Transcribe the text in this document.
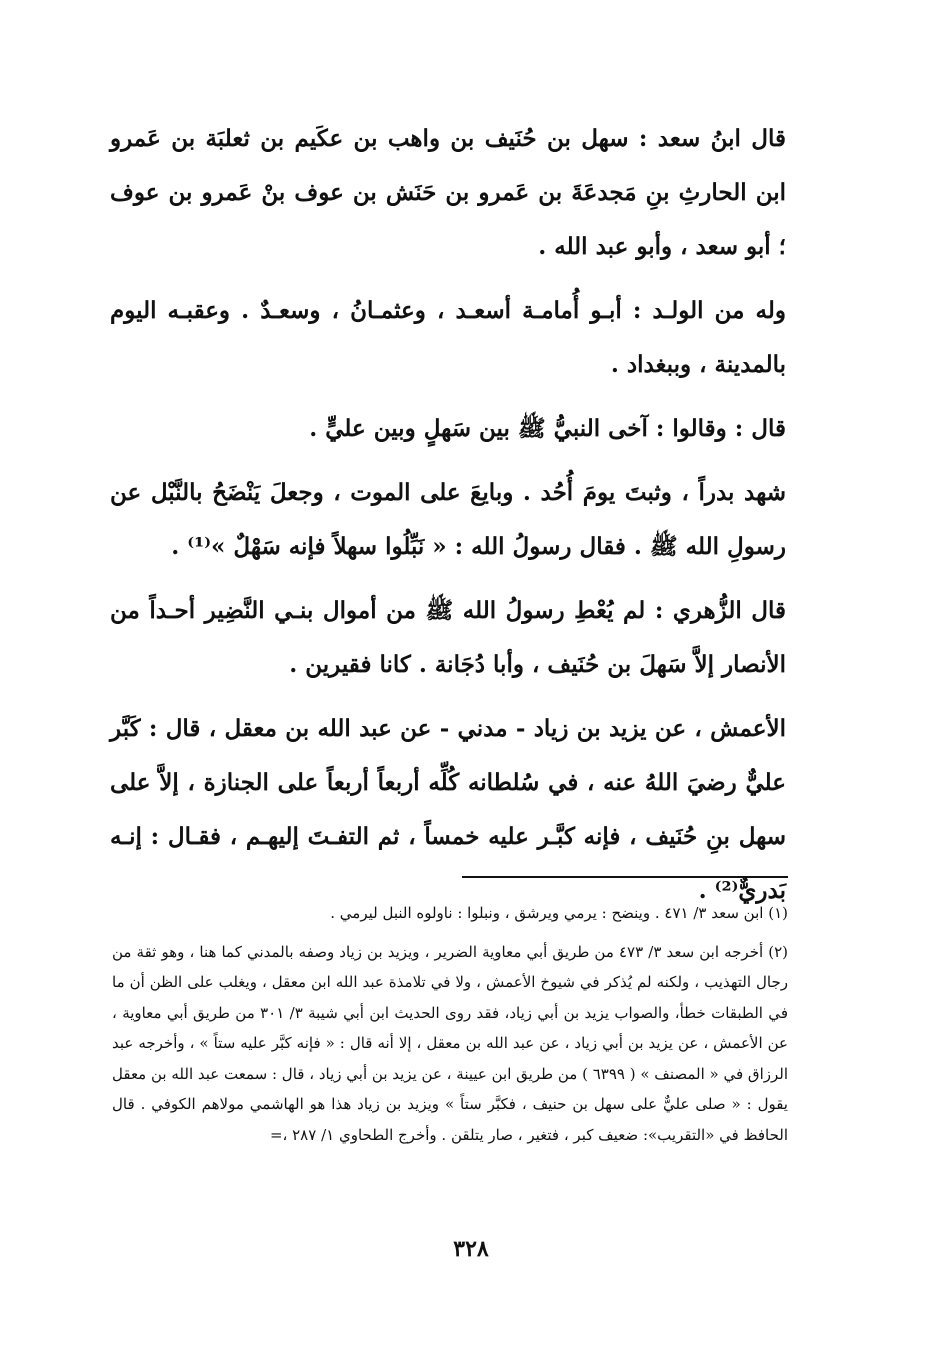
قال ابنُ سعد : سهل بن حُنَيف بن واهب بن عكَيم بن ثعلبَة بن عَمرو ابن الحارثِ بنِ مَجدعَةَ بن عَمرو بن حَنَش بن عوف بنْ عَمرو بن عوف ؛ أبو سعد ، وأبو عبد الله .

وله من الولـد : أبـو أُمامـة أسعـد ، وعثمـانُ ، وسعـدٌ . وعقبـه اليوم بالمدينة ، وببغداد .

قال : وقالوا : آخى النبيُّ ﷺ بين سَهلٍ وبين عليٍّ .

شهد بدراً ، وثبتَ يومَ أُحُد . وبايعَ على الموت ، وجعلَ يَنْضَحُ بالنَّبْل عن رسولِ الله ﷺ . فقال رسولُ الله : « نَبِّلُوا سهلاً فإنه سَهْلٌ »⁽¹⁾ .

قال الزُّهري : لم يُعْطِ رسولُ الله ﷺ من أموال بنـي النَّضِير أحـداً من الأنصار إلاَّ سَهلَ بن حُنَيف ، وأبا دُجَانة . كانا فقيرين .

الأعمش ، عن يزيد بن زياد - مدني - عن عبد الله بن معقل ، قال : كَبَّر عليٌّ رضيَ اللهُ عنه ، في سُلطانه كُلِّه أربعاً أربعاً على الجنازة ، إلاَّ على سهل بنِ حُنَيف ، فإنه كبَّـر عليه خمساً ، ثم التفـتَ إليهـم ، فقـال : إنـه بَدريٌّ⁽²⁾ .

(١) ابن سعد ٣/ ٤٧١ . وينضح : يرمي ويرشق ، ونبلوا : ناولوه النبل ليرمي .

(٢) أخرجه ابن سعد ٣/ ٤٧٣ من طريق أبي معاوية الضرير ، ويزيد بن زياد وصفه بالمدني كما هنا ، وهو ثقة من رجال التهذيب ، ولكنه لم يُذكر في شيوخ الأعمش ، ولا في تلامذة عبد الله ابن معقل ، ويغلب على الظن أن ما في الطبقات خطأ، والصواب يزيد بن أبي زياد، فقد روى الحديث ابن أبي شيبة ٣/ ٣٠١ من طريق أبي معاوية ، عن الأعمش ، عن يزيد بن أبي زياد ، عن عبد الله بن معقل ، إلا أنه قال : « فإنه كبَّر عليه ستاً » ، وأخرجه عبد الرزاق في « المصنف » ( ٦٣٩٩ ) من طريق ابن عيينة ، عن يزيد بن أبي زياد ، قال : سمعت عبد الله بن معقل يقول : « صلى عليٌّ على سهل بن حنيف ، فكبَّر ستاً » ويزيد بن زياد هذا هو الهاشمي مولاهم الكوفي . قال الحافظ في «التقريب»: ضعيف كبر ، فتغير ، صار يتلقن . وأخرج الطحاوي ١/ ٢٨٧ ،=

٣٢٨
